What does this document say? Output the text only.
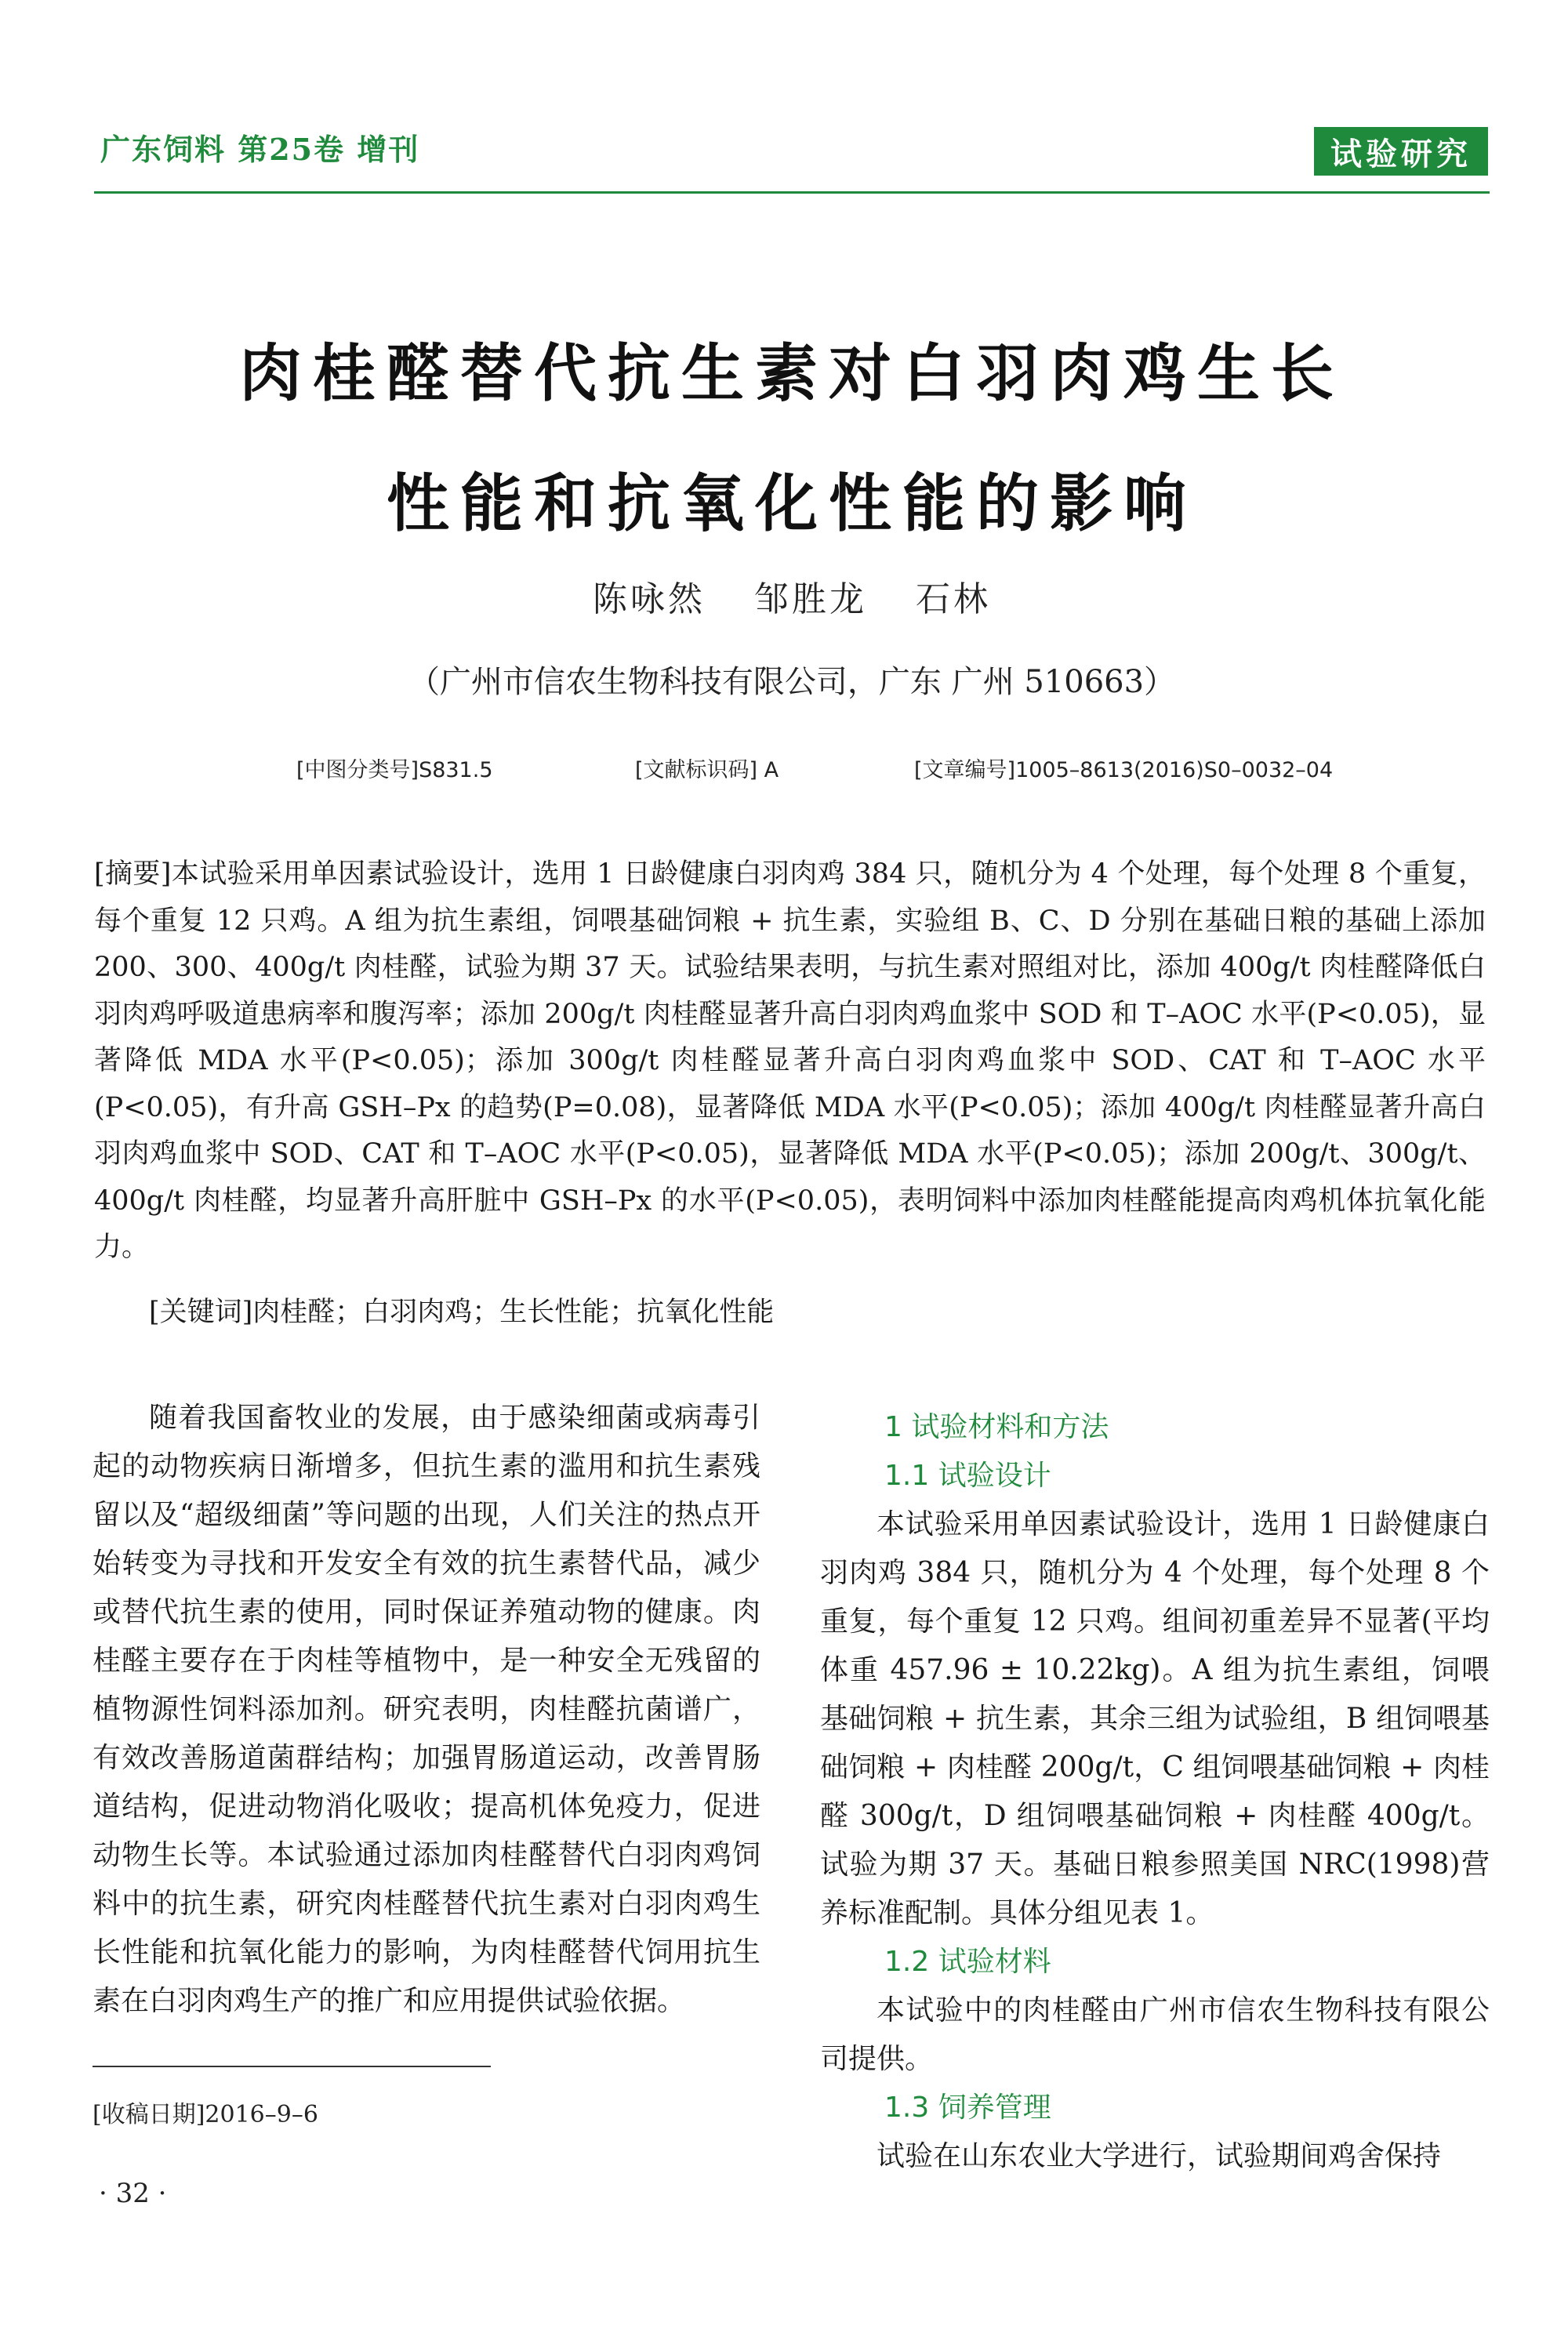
广东饲料 第25卷 增刊	试验研究
肉桂醛替代抗生素对白羽肉鸡生长
性能和抗氧化性能的影响
陈咏然 邹胜龙 石林
（广州市信农生物科技有限公司，广东 广州 510663）
[中图分类号]S831.5	[文献标识码] A	[文章编号]1005–8613(2016)S0–0032–04
[摘要]本试验采用单因素试验设计，选用 1 日龄健康白羽肉鸡 384 只，随机分为 4 个处理，每个处理 8 个重复，每个重复 12 只鸡。A 组为抗生素组，饲喂基础饲粮 + 抗生素，实验组 B、C、D 分别在基础日粮的基础上添加 200、300、400g/t 肉桂醛，试验为期 37 天。试验结果表明，与抗生素对照组对比，添加 400g/t 肉桂醛降低白羽肉鸡呼吸道患病率和腹泻率；添加 200g/t 肉桂醛显著升高白羽肉鸡血浆中 SOD 和 T–AOC 水平(P<0.05)，显著降低 MDA 水平(P<0.05)；添加 300g/t 肉桂醛显著升高白羽肉鸡血浆中 SOD、CAT 和 T–AOC 水平(P<0.05)，有升高 GSH–Px 的趋势(P=0.08)，显著降低 MDA 水平(P<0.05)；添加 400g/t 肉桂醛显著升高白羽肉鸡血浆中 SOD、CAT 和 T–AOC 水平(P<0.05)，显著降低 MDA 水平(P<0.05)；添加 200g/t、300g/t、400g/t 肉桂醛，均显著升高肝脏中 GSH–Px 的水平(P<0.05)，表明饲料中添加肉桂醛能提高肉鸡机体抗氧化能力。
[关键词]肉桂醛；白羽肉鸡；生长性能；抗氧化性能
随着我国畜牧业的发展，由于感染细菌或病毒引起的动物疾病日渐增多，但抗生素的滥用和抗生素残留以及“超级细菌”等问题的出现，人们关注的热点开始转变为寻找和开发安全有效的抗生素替代品，减少或替代抗生素的使用，同时保证养殖动物的健康。肉桂醛主要存在于肉桂等植物中，是一种安全无残留的植物源性饲料添加剂。研究表明，肉桂醛抗菌谱广，有效改善肠道菌群结构；加强胃肠道运动，改善胃肠道结构，促进动物消化吸收；提高机体免疫力，促进动物生长等。本试验通过添加肉桂醛替代白羽肉鸡饲料中的抗生素，研究肉桂醛替代抗生素对白羽肉鸡生长性能和抗氧化能力的影响，为肉桂醛替代饲用抗生素在白羽肉鸡生产的推广和应用提供试验依据。
1 试验材料和方法
1.1 试验设计

本试验采用单因素试验设计，选用 1 日龄健康白羽肉鸡 384 只，随机分为 4 个处理，每个处理 8 个重复，每个重复 12 只鸡。组间初重差异不显著(平均体重 457.96 ± 10.22kg)。A 组为抗生素组，饲喂基础饲粮 + 抗生素，其余三组为试验组，B 组饲喂基础饲粮 + 肉桂醛 200g/t，C 组饲喂基础饲粮 + 肉桂醛 300g/t，D 组饲喂基础饲粮 + 肉桂醛 400g/t。试验为期 37 天。基础日粮参照美国 NRC(1998)营养标准配制。具体分组见表 1。

1.2 试验材料

本试验中的肉桂醛由广州市信农生物科技有限公司提供。

1.3 饲养管理

试验在山东农业大学进行，试验期间鸡舍保持

[收稿日期]2016–9–6
· 32 ·
